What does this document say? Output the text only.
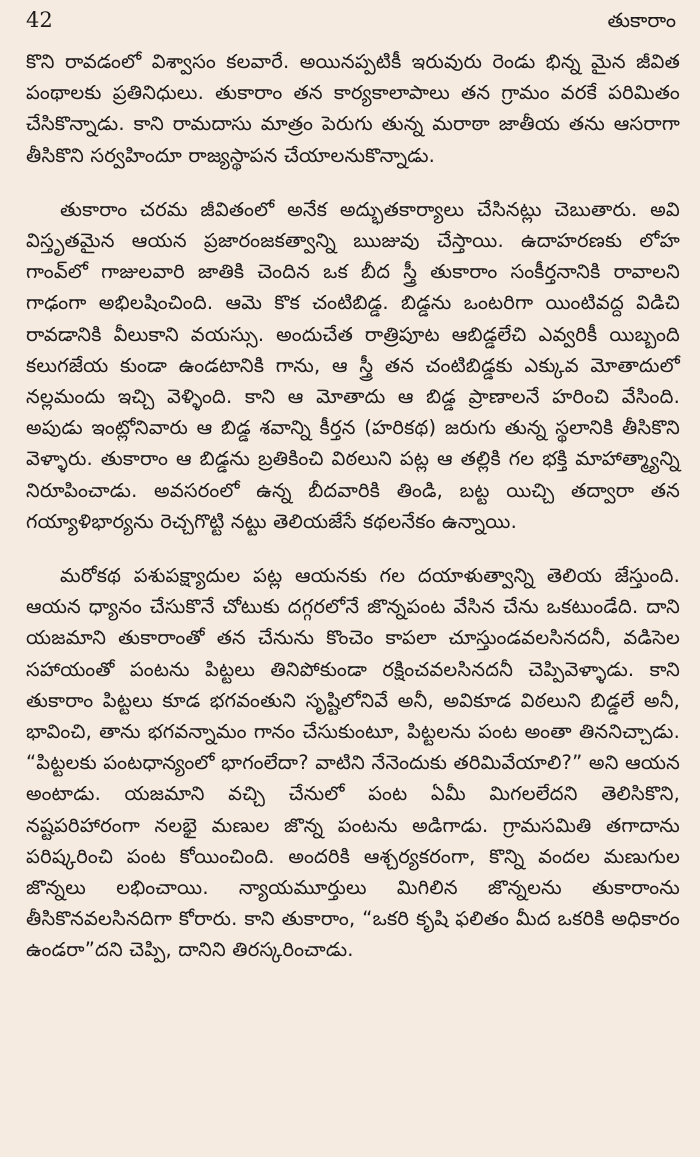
42	తుకారాం

కొని రావడంలో విశ్వాసం కలవారే. అయినప్పటికీ ఇరువురు రెండు భిన్న మైన జీవిత పంథాలకు ప్రతినిధులు. తుకారాం తన కార్యకాలాపాలు తన గ్రామం వరకే పరిమితం చేసికొన్నాడు. కాని రామదాసు మాత్రం పెరుగు తున్న మరాఠా జాతీయ తను ఆసరాగా తీసికొని సర్వహిందూ రాజ్యస్థాపన చేయాలనుకొన్నాడు.

తుకారాం చరమ జీవితంలో అనేక అద్భుతకార్యాలు చేసినట్లు చెబుతారు. అవి విస్తృతమైన ఆయన ప్రజారంజకత్వాన్ని ఋజువు చేస్తాయి. ఉదాహరణకు లోహ గాంవ్‌లో గాజులవారి జాతికి చెందిన ఒక బీద స్త్రీ తుకారాం సంకీర్తనానికి రావాలని గాఢంగా అభిలషించింది. ఆమె కొక చంటిబిడ్డ. బిడ్డను ఒంటరిగా యింటివద్ద విడిచి రావడానికి వీలుకాని వయస్సు. అందుచేత రాత్రిపూట ఆబిడ్డలేచి ఎవ్వరికీ యిబ్బంది కలుగజేయ కుండా ఉండటానికి గాను, ఆ స్త్రీ తన చంటిబిడ్డకు ఎక్కువ మోతాదులో నల్లమందు ఇచ్చి వెళ్ళింది. కాని ఆ మోతాదు ఆ బిడ్డ ప్రాణాలనే హరించి వేసింది. అపుడు ఇంట్లోనివారు ఆ బిడ్డ శవాన్ని కీర్తన (హరికథ) జరుగు తున్న స్థలానికి తీసికొని వెళ్ళారు. తుకారాం ఆ బిడ్డను బ్రతికించి విఠలుని పట్ల ఆ తల్లికి గల భక్తి మాహాత్మ్యాన్ని నిరూపించాడు. అవసరంలో ఉన్న బీదవారికి తిండి, బట్ట యిచ్చి తద్వారా తన గయ్యాళిభార్యను రెచ్చగొట్టి నట్టు తెలియజేసే కథలనేకం ఉన్నాయి.

మరోకథ పశుపక్ష్యాదుల పట్ల ఆయనకు గల దయాళుత్వాన్ని తెలియ జేస్తుంది. ఆయన ధ్యానం చేసుకొనే చోటుకు దగ్గరలోనే జొన్నపంట వేసిన చేను ఒకటుండేది. దాని యజమాని తుకారాంతో తన చేనును కొంచెం కాపలా చూస్తుండవలసినదనీ, వడిసెల సహాయంతో పంటను పిట్టలు తినిపోకుండా రక్షించవలసినదనీ చెప్పివెళ్ళాడు. కాని తుకారాం పిట్టలు కూడ భగవంతుని సృష్టిలోనివే అనీ, అవికూడ విఠలుని బిడ్డలే అనీ, భావించి, తాను భగవన్నామం గానం చేసుకుంటూ, పిట్టలను పంట అంతా తిననిచ్చాడు. “పిట్టలకు పంటధాన్యంలో భాగంలేదా? వాటిని నేనెందుకు తరిమివేయాలి?” అని ఆయన అంటాడు. యజమాని వచ్చి చేనులో పంట ఏమీ మిగలలేదని తెలిసికొని, నష్టపరిహారంగా నలభై మణుల జొన్న పంటను అడిగాడు. గ్రామసమితి తగాదాను పరిష్కరించి పంట కోయించింది. అందరికి ఆశ్చర్యకరంగా, కొన్ని వందల మణుగుల జొన్నలు లభించాయి. న్యాయమూర్తులు మిగిలిన జొన్నలను తుకారాంను తీసికొనవలసినదిగా కోరారు. కాని తుకారాం, “ఒకరి కృషి ఫలితం మీద ఒకరికి అధికారం ఉండరా”దని చెప్పి, దానిని తిరస్కరించాడు.
